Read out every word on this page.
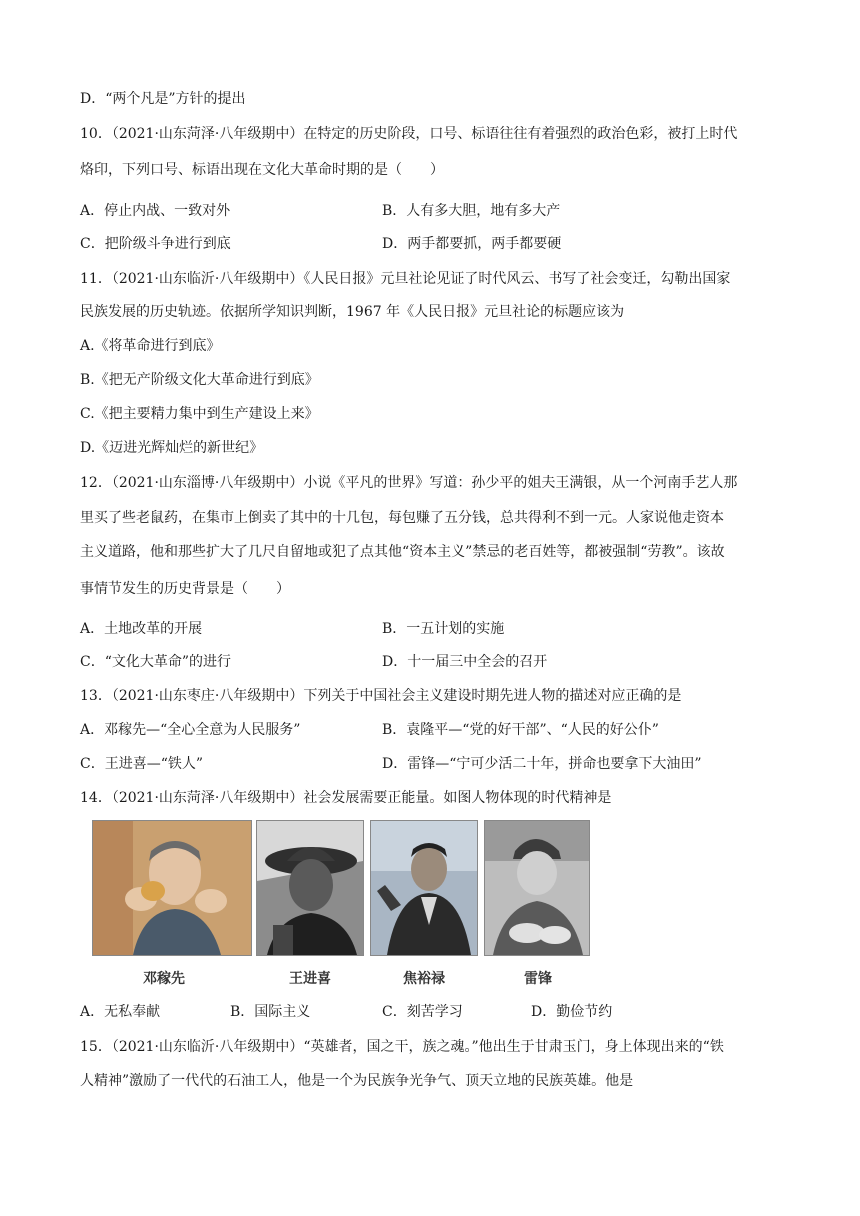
D．“两个凡是”方针的提出
10．（2021·山东菏泽·八年级期中）在特定的历史阶段，口号、标语往往有着强烈的政治色彩，被打上时代
烙印，下列口号、标语出现在文化大革命时期的是（　　）
A．停止内战、一致对外	B．人有多大胆，地有多大产
C．把阶级斗争进行到底	D．两手都要抓，两手都要硬
11．（2021·山东临沂·八年级期中）《人民日报》元旦社论见证了时代风云、书写了社会变迁，勾勒出国家
民族发展的历史轨迹。依据所学知识判断，1967 年《人民日报》元旦社论的标题应该为
A.《将革命进行到底》
B.《把无产阶级文化大革命进行到底》
C.《把主要精力集中到生产建设上来》
D.《迈进光辉灿烂的新世纪》
12．（2021·山东淄博·八年级期中）小说《平凡的世界》写道：孙少平的姐夫王满银，从一个河南手艺人那
里买了些老鼠药，在集市上倒卖了其中的十几包，每包赚了五分钱，总共得利不到一元。人家说他走资本
主义道路，他和那些扩大了几尺自留地或犯了点其他“资本主义”禁忌的老百姓等，都被强制“劳教”。该故
事情节发生的历史背景是（　　）
A．土地改革的开展	B．一五计划的实施
C．“文化大革命”的进行	D．十一届三中全会的召开
13．（2021·山东枣庄·八年级期中）下列关于中国社会主义建设时期先进人物的描述对应正确的是
A．邓稼先—“全心全意为人民服务”	B．袁隆平—“党的好干部”、“人民的好公仆”
C．王进喜—“铁人”	D．雷锋—“宁可少活二十年，拼命也要拿下大油田”
14．（2021·山东菏泽·八年级期中）社会发展需要正能量。如图人物体现的时代精神是
邓稼先	王进喜	焦裕禄	雷锋
A．无私奉献	B．国际主义	C．刻苦学习	D．勤俭节约
15．（2021·山东临沂·八年级期中）“英雄者，国之干，族之魂。”他出生于甘肃玉门，身上体现出来的“铁
人精神”激励了一代代的石油工人，他是一个为民族争光争气、顶天立地的民族英雄。他是
